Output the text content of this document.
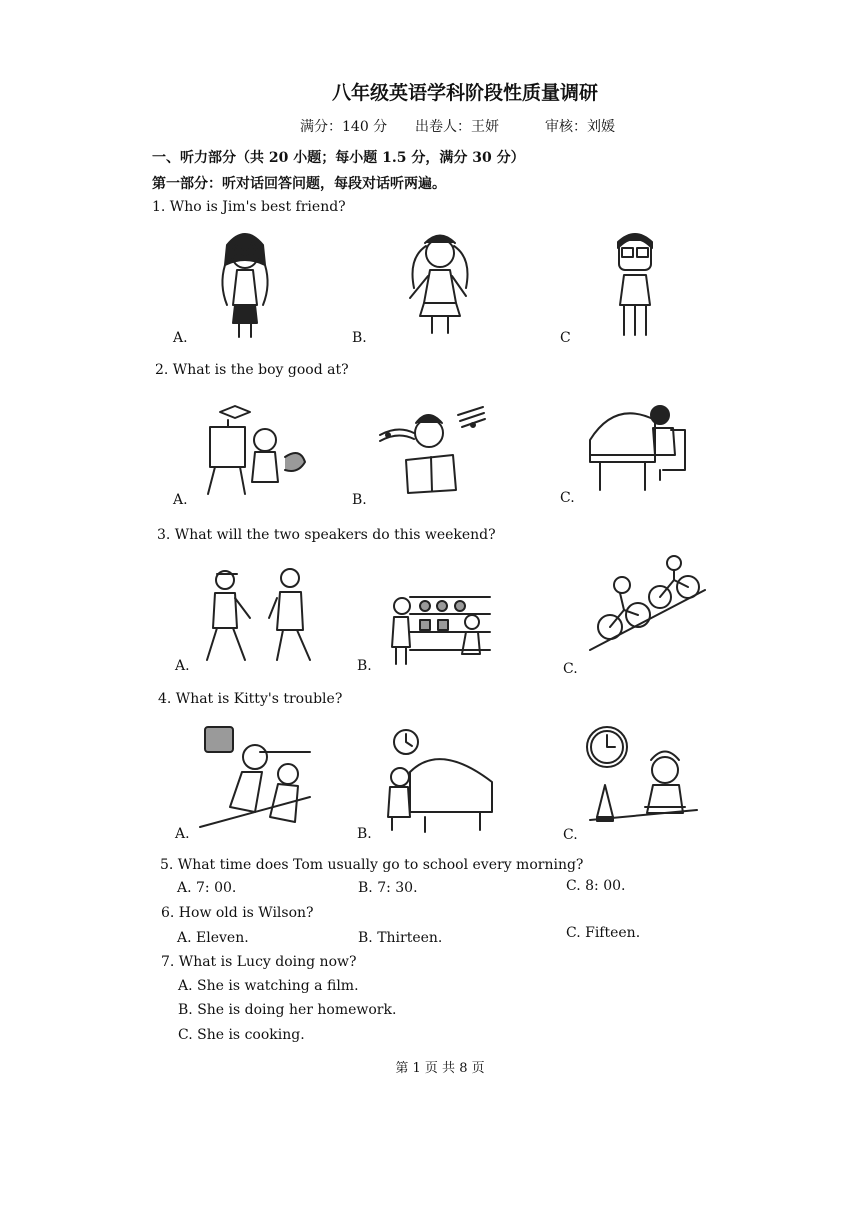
八年级英语学科阶段性质量调研
满分：140 分 出卷人：王妍	审核：刘媛
一、听力部分（共 20 小题；每小题 1.5 分，满分 30 分）
第一部分：听对话回答问题，每段对话听两遍。
1. Who is Jim's best friend?
A.	B.	C
2. What is the boy good at?
A.	B.	C.
3. What will the two speakers do this weekend?
A.	B.	C.
4. What is Kitty's trouble?
A.	B.	C.
5. What time does Tom usually go to school every morning?
A. 7: 00.	B. 7: 30.	C. 8: 00.
6. How old is Wilson?
A. Eleven.	B. Thirteen.	C. Fifteen.
7. What is Lucy doing now?
A. She is watching a film.
B. She is doing her homework.
C. She is cooking.
第 1 页 共 8 页
